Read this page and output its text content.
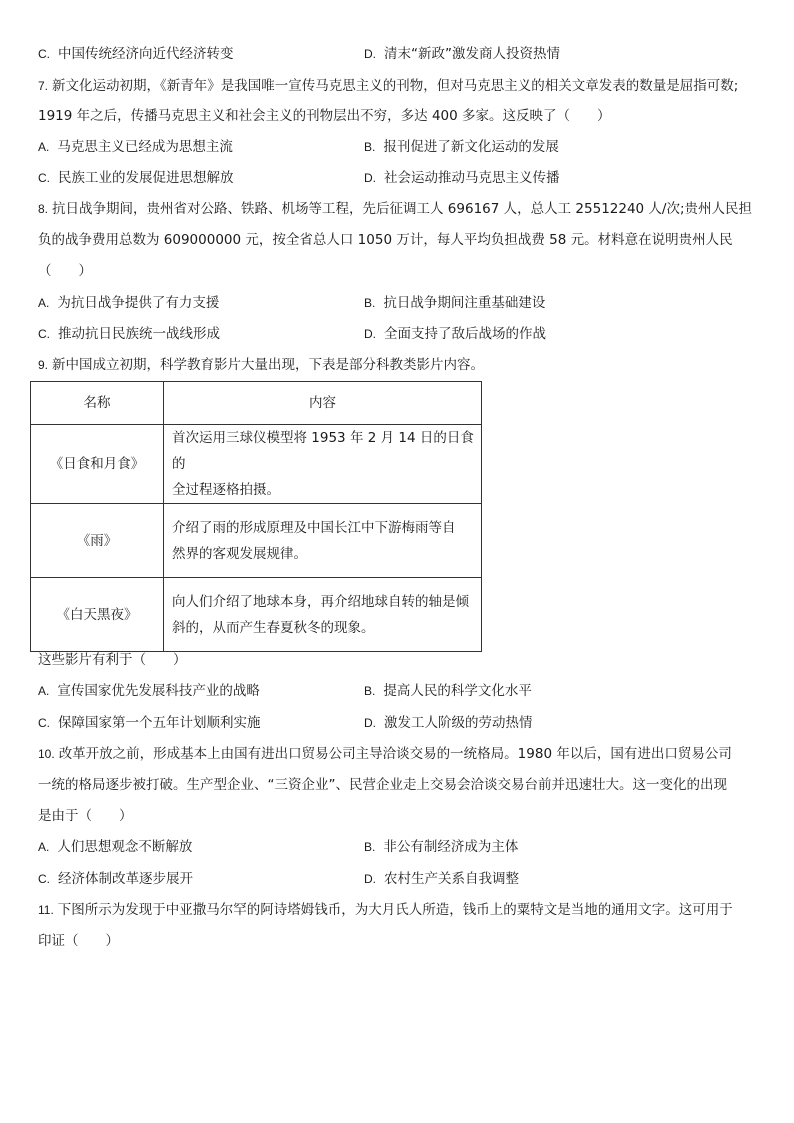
C. 中国传统经济向近代经济转变	D. 清末“新政”激发商人投资热情
7. 新文化运动初期，《新青年》是我国唯一宣传马克思主义的刊物，但对马克思主义的相关文章发表的数量是屈指可数;
1919 年之后，传播马克思主义和社会主义的刊物层出不穷，多达 400 多家。这反映了（　　）
A. 马克思主义已经成为思想主流	B. 报刊促进了新文化运动的发展
C. 民族工业的发展促进思想解放	D. 社会运动推动马克思主义传播
8. 抗日战争期间，贵州省对公路、铁路、机场等工程，先后征调工人 696167 人，总人工 25512240 人/次;贵州人民担
负的战争费用总数为 609000000 元，按全省总人口 1050 万计，每人平均负担战费 58 元。材料意在说明贵州人民
（　　）
A. 为抗日战争提供了有力支援	B. 抗日战争期间注重基础建设
C. 推动抗日民族统一战线形成	D. 全面支持了敌后战场的作战
9. 新中国成立初期，科学教育影片大量出现，下表是部分科教类影片内容。
名称	内容
《日食和月食》	首次运用三球仪模型将 1953 年 2 月 14 日的日食的
全过程逐格拍摄。

《雨》	介绍了雨的形成原理及中国长江中下游梅雨等自
然界的客观发展规律。

《白天黑夜》	向人们介绍了地球本身，再介绍地球自转的轴是倾
斜的，从而产生春夏秋冬的现象。
这些影片有利于（　　）
A. 宣传国家优先发展科技产业的战略	B. 提高人民的科学文化水平
C. 保障国家第一个五年计划顺利实施	D. 激发工人阶级的劳动热情
10. 改革开放之前，形成基本上由国有进出口贸易公司主导洽谈交易的一统格局。1980 年以后，国有进出口贸易公司
一统的格局逐步被打破。生产型企业、“三资企业”、民营企业走上交易会洽谈交易台前并迅速壮大。这一变化的出现
是由于（　　）
A. 人们思想观念不断解放	B. 非公有制经济成为主体
C. 经济体制改革逐步展开	D. 农村生产关系自我调整
11. 下图所示为发现于中亚撒马尔罕的阿诗塔姆钱币，为大月氏人所造，钱币上的粟特文是当地的通用文字。这可用于
印证（　　）
